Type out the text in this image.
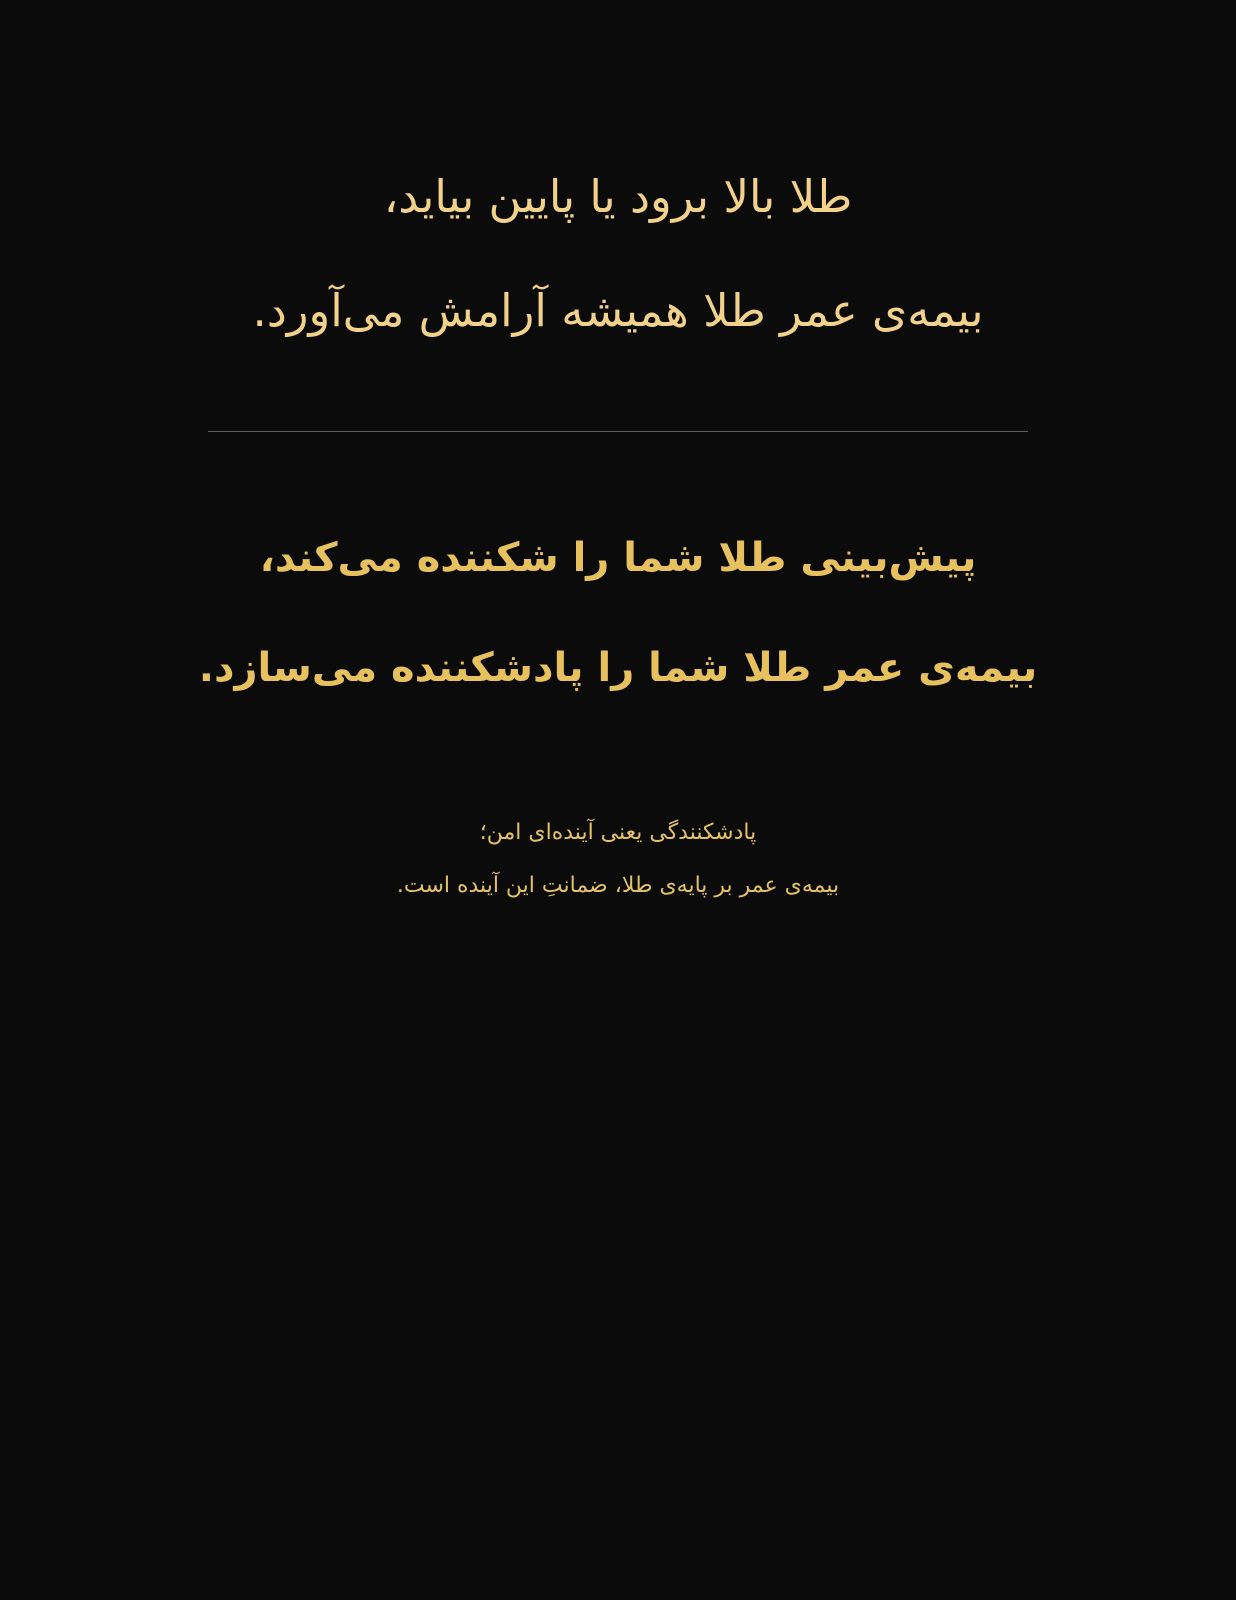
طلا بالا برود یا پایین بیاید،
بیمه‌ی عمر طلا همیشه آرامش می‌آورد.
پیش‌بینی طلا شما را شکننده می‌کند،
بیمه‌ی عمر طلا شما را پادشکننده می‌سازد.
پادشکنندگی یعنی آینده‌ای امن؛
بیمه‌ی عمر بر پایه‌ی طلا، ضمانتِ این آینده است.
